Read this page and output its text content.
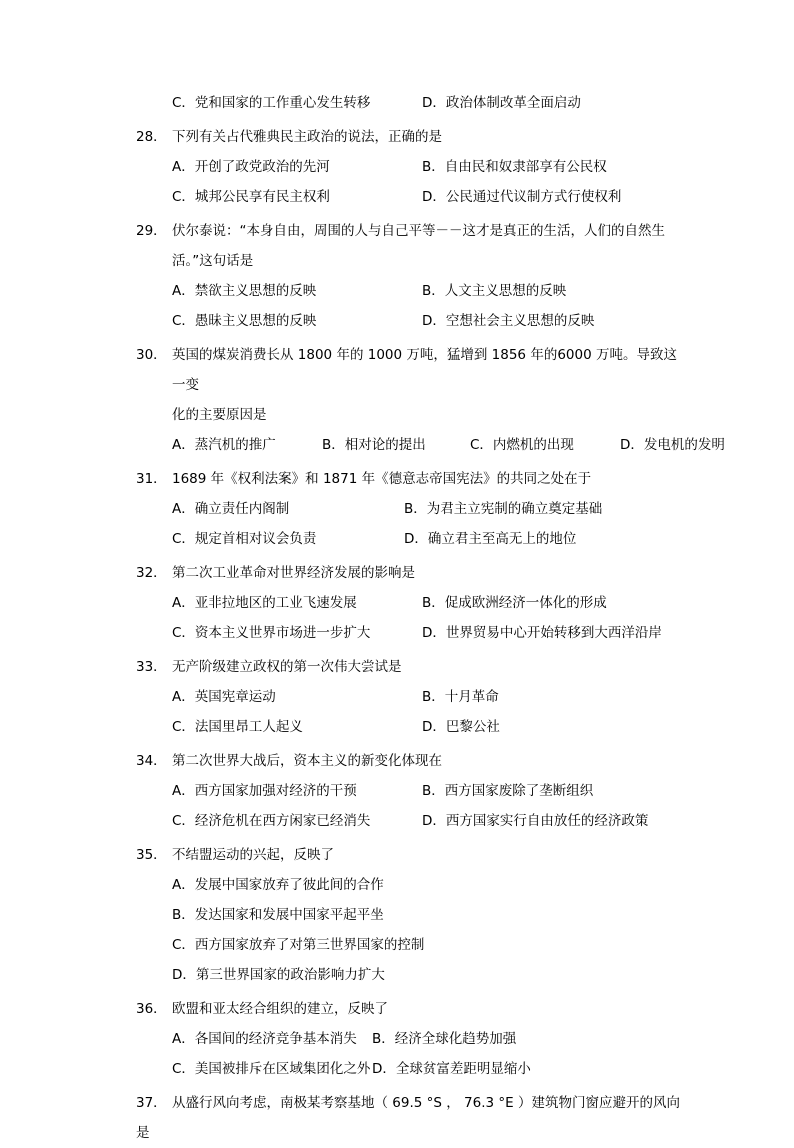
C．党和国家的工作重心发生转移	D．政治体制改革全面启动
28． 下列有关占代雅典民主政治的说法，正确的是
A．开创了政党政治的先河	B．自由民和奴隶部享有公民权
C．城邦公民享有民主权利	D．公民通过代议制方式行使权利
29． 伏尔泰说：“本身自由，周围的人与自己平等－－这才是真正的生活，人们的自然生
活。”这句话是
A．禁欲主义思想的反映	B．人文主义思想的反映
C．愚昧主义思想的反映	D．空想社会主义思想的反映
30． 英国的煤炭消费长从 1800 年的 1000 万吨，猛增到 1856 年的6000 万吨。导致这一变
化的主要原因是
A．蒸汽机的推广	B．相对论的提出	C．内燃机的出现	D．发电机的发明
31． 1689 年《权利法案》和 1871 年《德意志帝国宪法》的共同之处在于
A．确立责任内阁制	B．为君主立宪制的确立奠定基础
C．规定首相对议会负责	D．确立君主至高无上的地位
32． 第二次工业革命对世界经济发展的影响是
A．亚非拉地区的工业飞速发展	B．促成欧洲经济一体化的形成
C．资本主义世界市场进一步扩大	D．世界贸易中心开始转移到大西洋沿岸
33． 无产阶级建立政权的第一次伟大尝试是
A．英国宪章运动	B．十月革命
C．法国里昂工人起义	D．巴黎公社
34． 第二次世界大战后，资本主义的新变化体现在
A．西方国家加强对经济的干预	B．西方国家废除了垄断组织
C．经济危机在西方闲家已经消失	D．西方国家实行自由放任的经济政策
35． 不结盟运动的兴起，反映了
A．发展中国家放弃了彼此间的合作
B．发达国家和发展中国家平起平坐
C．西方国家放弃了对第三世界国家的控制
D．第三世界国家的政治影响力扩大
36． 欧盟和亚太经合组织的建立，反映了
A．各国间的经济竞争基本消失	B．经济全球化趋势加强
C．美国被排斥在区域集团化之外 D．全球贫富差距明显缩小
37． 从盛行风向考虑，南极某考察基地（ 69.5 °S ， 76.3 °E ）建筑物门窗应避开的风向
是
